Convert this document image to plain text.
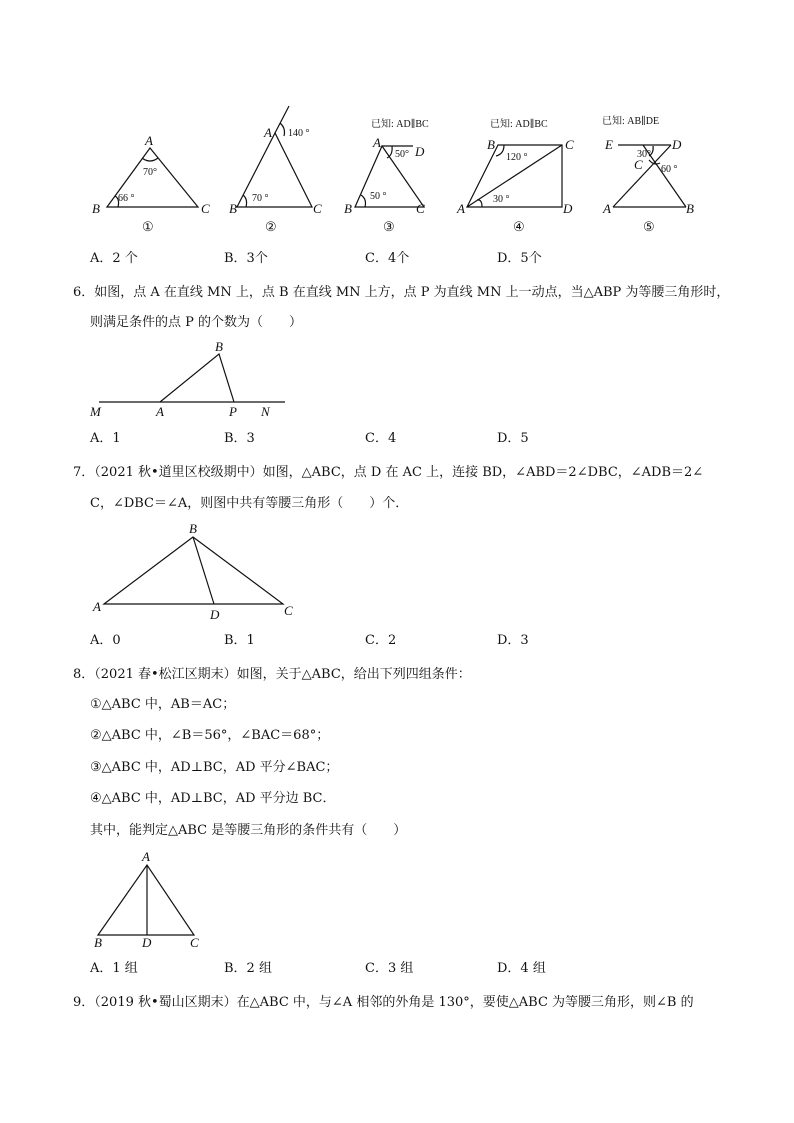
A
B	C
70°
66 °
①
A
B	C
140 °
70 °
②
已知: AD∥BC
A
D
B	C
50°
50 °
③
已知: AD∥BC
B	C
A	D
120 °
30 °
④
已知: AB∥DE
E	D
C
A	B
30°
60 °
⑤
A．2 个	B．3个	C．4个	D．5个
6．如图，点 A 在直线 MN 上，点 B 在直线 MN 上方，点 P 为直线 MN 上一动点，当△ABP 为等腰三角形时，
则满足条件的点 P 的个数为（　　）
B
M	A	P N
A．1	B．3	C．4	D．5
7．（2021 秋•道里区校级期中）如图，△ABC，点 D 在 AC 上，连接 BD，∠ABD＝2∠DBC，∠ADB＝2∠
C，∠DBC＝∠A，则图中共有等腰三角形（　　）个．
B
A
D	C
A．0	B．1	C．2	D．3
8．（2021 春•松江区期末）如图，关于△ABC，给出下列四组条件：
①△ABC 中，AB＝AC；
②△ABC 中，∠B＝56°，∠BAC＝68°；
③△ABC 中，AD⊥BC，AD 平分∠BAC；
④△ABC 中，AD⊥BC，AD 平分边 BC．
其中，能判定△ABC 是等腰三角形的条件共有（　　）
A
B	D	C
A．1 组	B．2 组	C．3 组	D．4 组
9．（2019 秋•蜀山区期末）在△ABC 中，与∠A 相邻的外角是 130°，要使△ABC 为等腰三角形，则∠B 的
